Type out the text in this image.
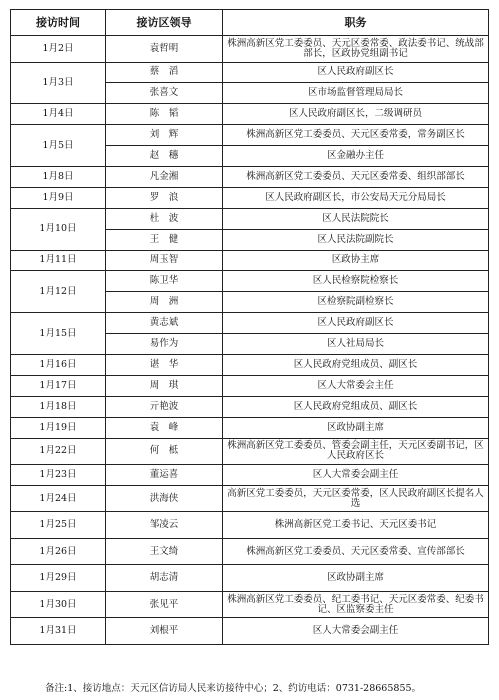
接访时间	接访区领导	职务
1月2日	袁哲明	株洲高新区党工委委员、天元区委常委、政法委书记、统战部部长，区政协党组副书记
1月3日	蔡　滔	区人民政府副区长
	张喜文	区市场监督管理局局长
1月4日	陈　韬	区人民政府副区长，二级调研员
1月5日	刘　辉	株洲高新区党工委委员、天元区委常委，常务副区长
	赵　穗	区金融办主任
1月8日	凡金湘	株洲高新区党工委委员、天元区委常委、组织部部长
1月9日	罗　浪	区人民政府副区长，市公安局天元分局局长
1月10日	杜　波	区人民法院院长
	王　健	区人民法院副院长
1月11日	周玉智	区政协主席
1月12日	陈卫华	区人民检察院检察长
	周　洲	区检察院副检察长
1月15日	黄志斌	区人民政府副区长
	易作为	区人社局局长
1月16日	谌　华	区人民政府党组成员、副区长
1月17日	周　琪	区人大常委会主任
1月18日	亓艳波	区人民政府党组成员、副区长
1月19日	袁　峰	区政协副主席
1月22日	何　柢	株洲高新区党工委委员、管委会副主任，天元区委副书记，区人民政府区长
1月23日	董运喜	区人大常委会副主任
1月24日	洪海侠	高新区党工委委员，天元区委常委，区人民政府副区长提名人选
1月25日	邹凌云	株洲高新区党工委书记、天元区委书记
1月26日	王文绮	株洲高新区党工委委员、天元区委常委、宣传部部长
1月29日	胡志清	区政协副主席
1月30日	张见平	株洲高新区党工委委员、纪工委书记、天元区委常委、纪委书记、区监察委主任
1月31日	刘根平	区人大常委会副主任
备注:1、接访地点：天元区信访局人民来访接待中心；2、约访电话：0731-28665855。
